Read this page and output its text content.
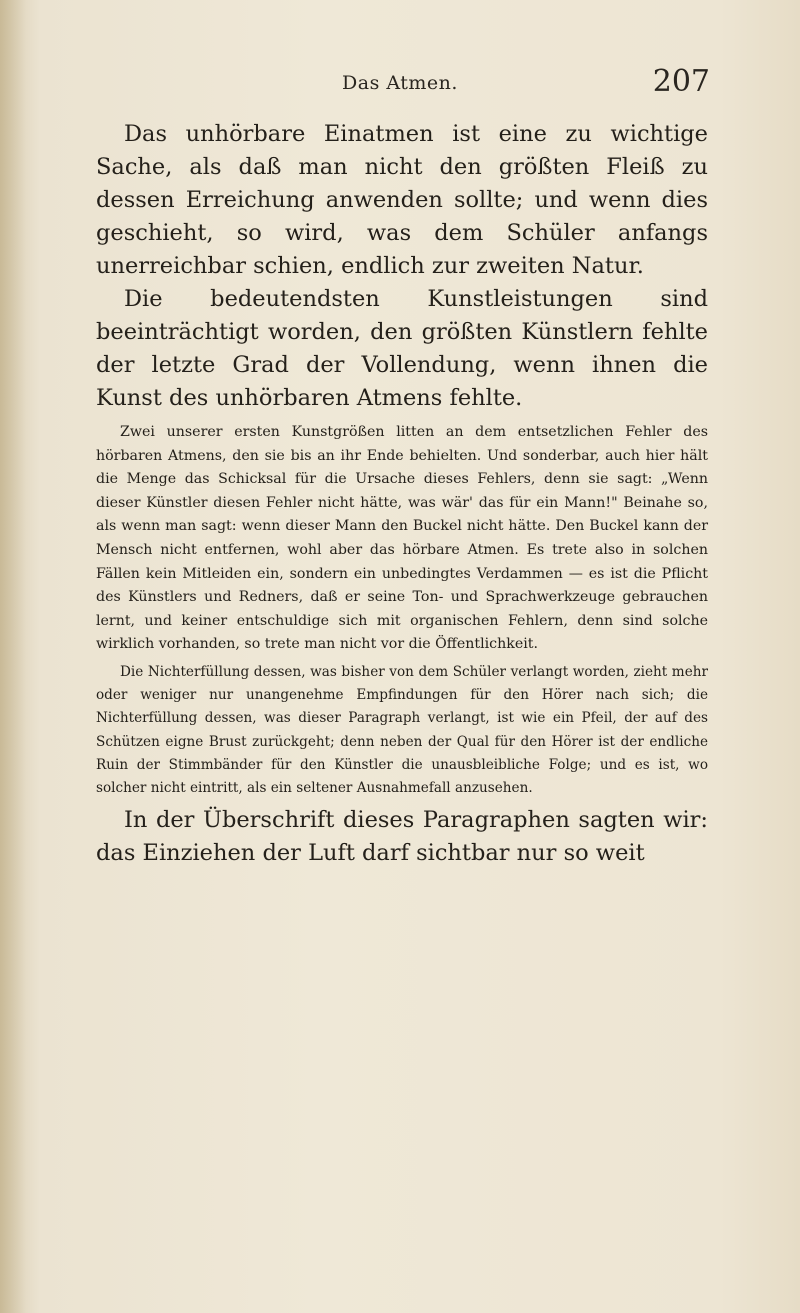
Das Atmen.	207

Das unhörbare Einatmen ist eine zu wichtige Sache, als daß man nicht den größten Fleiß zu dessen Erreichung anwenden sollte; und wenn dies geschieht, so wird, was dem Schüler anfangs unerreichbar schien, endlich zur zweiten Natur.

Die bedeutendsten Kunstleistungen sind beeinträchtigt worden, den größten Künstlern fehlte der letzte Grad der Vollendung, wenn ihnen die Kunst des unhörbaren Atmens fehlte.

Zwei unserer ersten Kunstgrößen litten an dem entsetzlichen Fehler des hörbaren Atmens, den sie bis an ihr Ende behielten. Und sonderbar, auch hier hält die Menge das Schicksal für die Ursache dieses Fehlers, denn sie sagt: „Wenn dieser Künstler diesen Fehler nicht hätte, was wär' das für ein Mann!" Beinahe so, als wenn man sagt: wenn dieser Mann den Buckel nicht hätte. Den Buckel kann der Mensch nicht entfernen, wohl aber das hörbare Atmen. Es trete also in solchen Fällen kein Mitleiden ein, sondern ein unbedingtes Verdammen — es ist die Pflicht des Künstlers und Redners, daß er seine Ton- und Sprachwerkzeuge gebrauchen lernt, und keiner entschuldige sich mit organischen Fehlern, denn sind solche wirklich vorhanden, so trete man nicht vor die Öffentlichkeit.

Die Nichterfüllung dessen, was bisher von dem Schüler verlangt worden, zieht mehr oder weniger nur unangenehme Empfindungen für den Hörer nach sich; die Nichterfüllung dessen, was dieser Paragraph verlangt, ist wie ein Pfeil, der auf des Schützen eigne Brust zurückgeht; denn neben der Qual für den Hörer ist der endliche Ruin der Stimmbänder für den Künstler die unausbleibliche Folge; und es ist, wo solcher nicht eintritt, als ein seltener Ausnahmefall anzusehen.

In der Überschrift dieses Paragraphen sagten wir: das Einziehen der Luft darf sichtbar nur so weit
